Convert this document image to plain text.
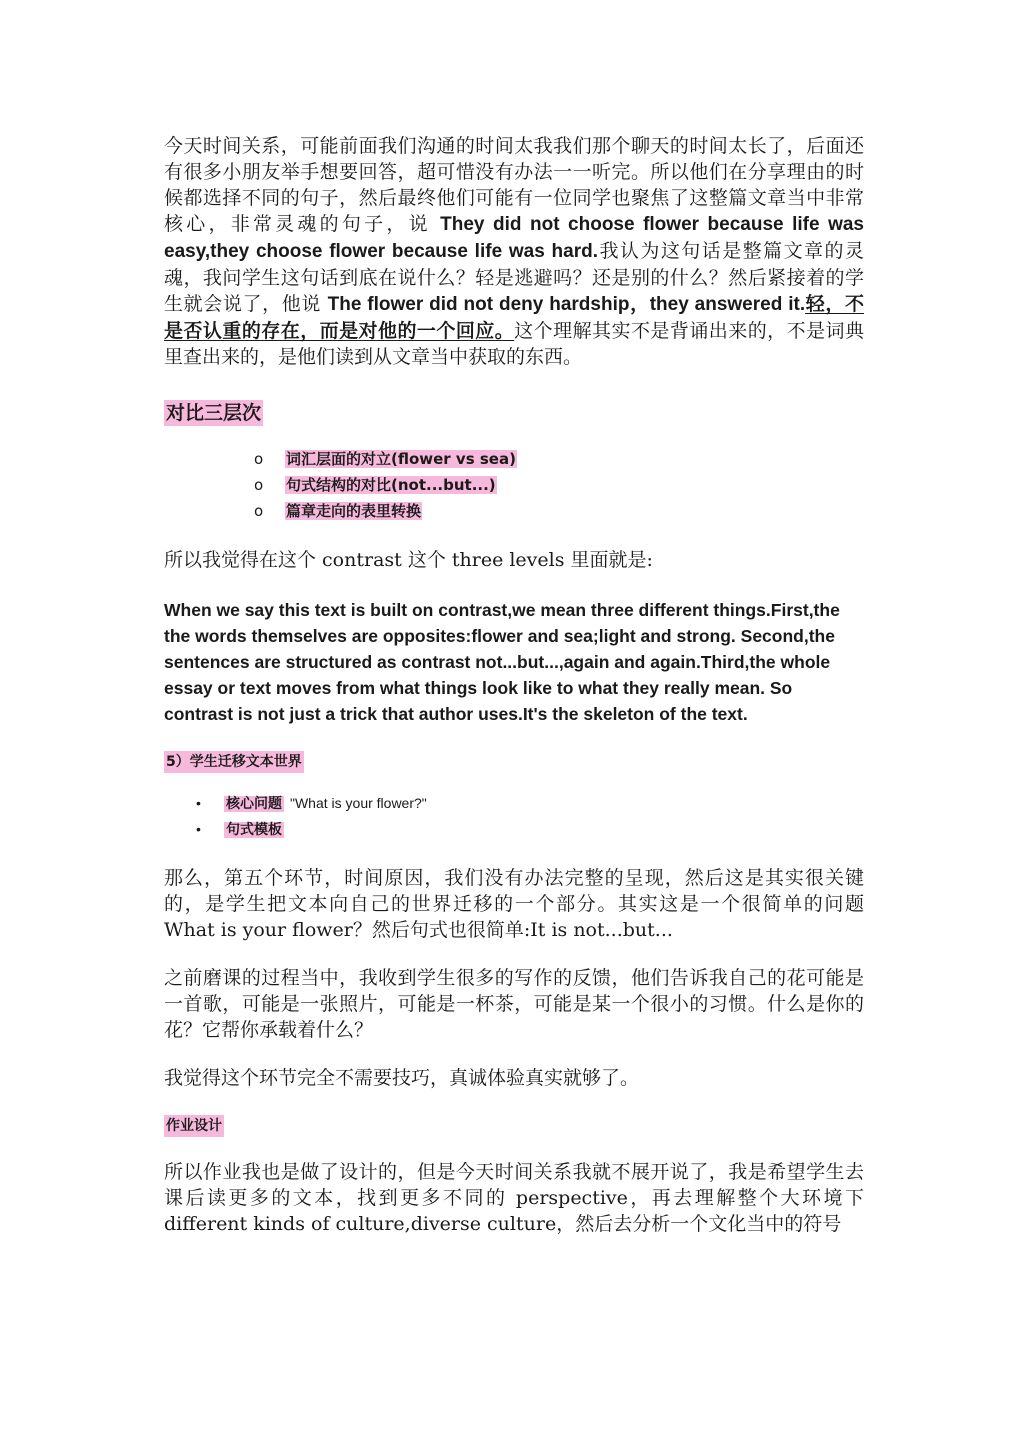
今天时间关系，可能前面我们沟通的时间太我我们那个聊天的时间太长了，后面还有很多小朋友举手想要回答，超可惜没有办法一一听完。所以他们在分享理由的时候都选择不同的句子，然后最终他们可能有一位同学也聚焦了这整篇文章当中非常核心，非常灵魂的句子，说 They did not choose flower because life was easy,they choose flower because life was hard.我认为这句话是整篇文章的灵魂，我问学生这句话到底在说什么？轻是逃避吗？还是别的什么？然后紧接着的学生就会说了，他说 The flower did not deny hardship，they answered it.轻，不是否认重的存在，而是对他的一个回应。这个理解其实不是背诵出来的，不是词典里查出来的，是他们读到从文章当中获取的东西。

对比三层次
o 词汇层面的对立(flower vs sea)
o 句式结构的对比(not...but...)
o 篇章走向的表里转换

所以我觉得在这个 contrast 这个 three levels 里面就是:

When we say this text is built on contrast,we mean three different things.First,the the words themselves are opposites:flower and sea;light and strong. Second,the sentences are structured as contrast not...but...,again and again.Third,the whole essay or text moves from what things look like to what they really mean. So contrast is not just a trick that author uses.It's the skeleton of the text.

5）学生迁移文本世界
• 核心问题 "What is your flower?"
• 句式模板

那么，第五个环节，时间原因，我们没有办法完整的呈现，然后这是其实很关键的，是学生把文本向自己的世界迁移的一个部分。其实这是一个很简单的问题 What is your flower？然后句式也很简单:It is not...but...

之前磨课的过程当中，我收到学生很多的写作的反馈，他们告诉我自己的花可能是一首歌，可能是一张照片，可能是一杯茶，可能是某一个很小的习惯。什么是你的花？它帮你承载着什么？

我觉得这个环节完全不需要技巧，真诚体验真实就够了。

作业设计

所以作业我也是做了设计的，但是今天时间关系我就不展开说了，我是希望学生去课后读更多的文本，找到更多不同的 perspective，再去理解整个大环境下 different kinds of culture,diverse culture，然后去分析一个文化当中的符号
